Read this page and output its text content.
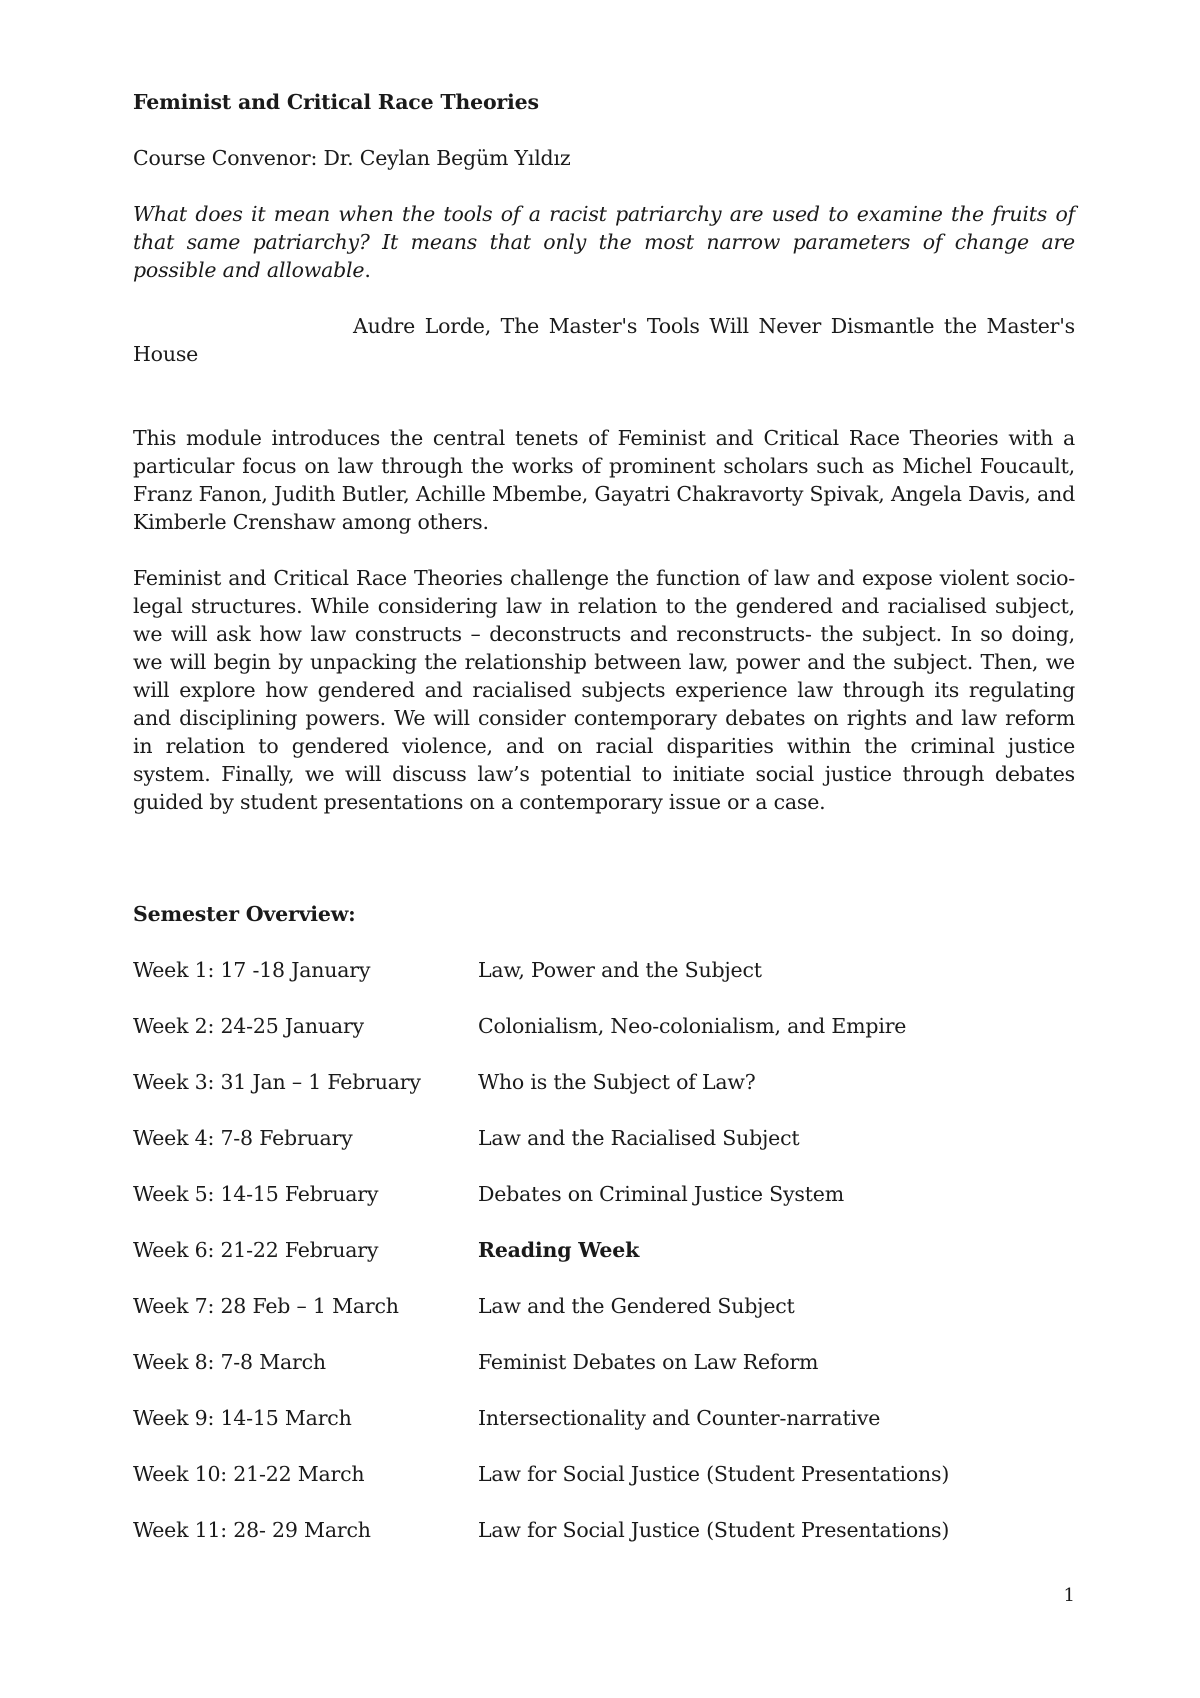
Feminist and Critical Race Theories

Course Convenor: Dr. Ceylan Begüm Yıldız

What does it mean when the tools of a racist patriarchy are used to examine the fruits of that same patriarchy? It means that only the most narrow parameters of change are possible and allowable.

Audre Lorde, The Master's Tools Will Never Dismantle the Master's House

This module introduces the central tenets of Feminist and Critical Race Theories with a particular focus on law through the works of prominent scholars such as Michel Foucault, Franz Fanon, Judith Butler, Achille Mbembe, Gayatri Chakravorty Spivak, Angela Davis, and Kimberle Crenshaw among others.

Feminist and Critical Race Theories challenge the function of law and expose violent socio-legal structures. While considering law in relation to the gendered and racialised subject, we will ask how law constructs – deconstructs and reconstructs- the subject. In so doing, we will begin by unpacking the relationship between law, power and the subject. Then, we will explore how gendered and racialised subjects experience law through its regulating and disciplining powers. We will consider contemporary debates on rights and law reform in relation to gendered violence, and on racial disparities within the criminal justice system. Finally, we will discuss law’s potential to initiate social justice through debates guided by student presentations on a contemporary issue or a case.

Semester Overview:

Week 1: 17 -18 January	Law, Power and the Subject
Week 2: 24-25 January	Colonialism, Neo-colonialism, and Empire
Week 3: 31 Jan – 1 February	Who is the Subject of Law?
Week 4: 7-8 February	Law and the Racialised Subject
Week 5: 14-15 February	Debates on Criminal Justice System
Week 6: 21-22 February	Reading Week
Week 7: 28 Feb – 1 March	Law and the Gendered Subject
Week 8: 7-8 March	Feminist Debates on Law Reform
Week 9: 14-15 March	Intersectionality and Counter-narrative
Week 10: 21-22 March	Law for Social Justice (Student Presentations)
Week 11: 28- 29 March	Law for Social Justice (Student Presentations)
1
